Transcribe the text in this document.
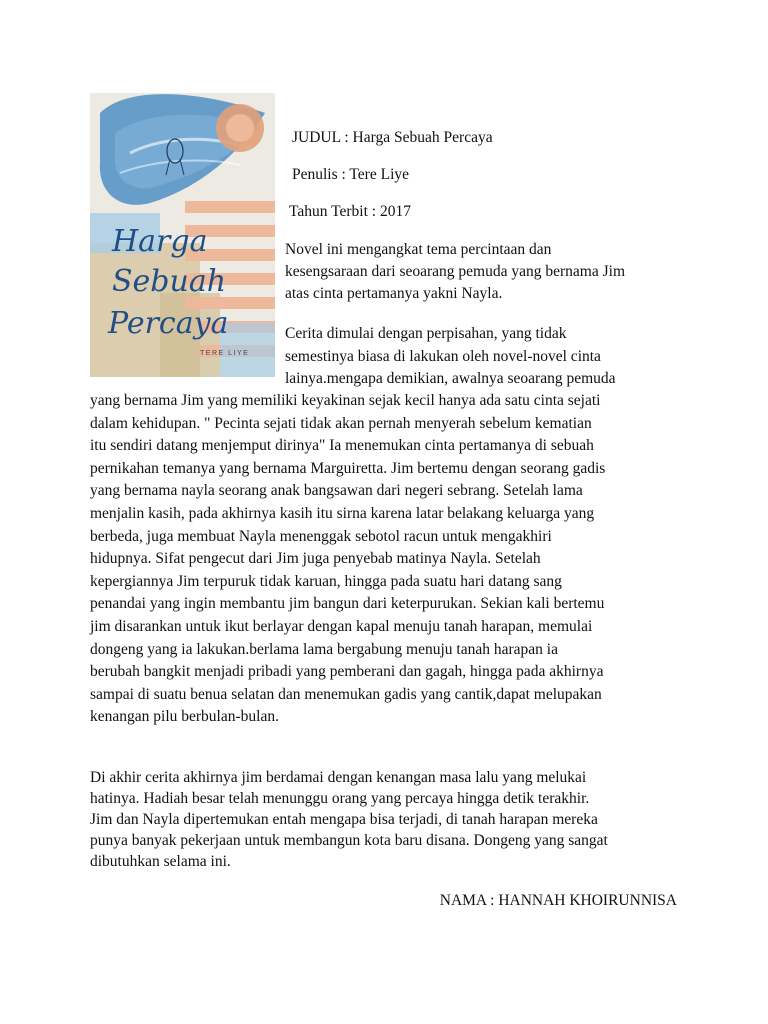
Harga
Sebuah
Percaya
TERE LIYE
JUDUL : Harga Sebuah Percaya
Penulis : Tere Liye
Tahun Terbit : 2017
Novel ini mengangkat tema percintaan dan
kesengsaraan dari seoarang pemuda yang bernama Jim
atas cinta pertamanya yakni Nayla.
Cerita dimulai dengan perpisahan, yang tidak
semestinya biasa di lakukan oleh novel-novel cinta
lainya.mengapa demikian, awalnya seoarang pemuda
yang bernama Jim yang memiliki keyakinan sejak kecil hanya ada satu cinta sejati
dalam kehidupan. " Pecinta sejati tidak akan pernah menyerah sebelum kematian
itu sendiri datang menjemput dirinya" Ia menemukan cinta pertamanya di sebuah
pernikahan temanya yang bernama Marguiretta. Jim bertemu dengan seorang gadis
yang bernama nayla seorang anak bangsawan dari negeri sebrang. Setelah lama
menjalin kasih, pada akhirnya kasih itu sirna karena latar belakang keluarga yang
berbeda, juga membuat Nayla menenggak sebotol racun untuk mengakhiri
hidupnya. Sifat pengecut dari Jim juga penyebab matinya Nayla. Setelah
kepergiannya Jim terpuruk tidak karuan, hingga pada suatu hari datang sang
penandai yang ingin membantu jim bangun dari keterpurukan. Sekian kali bertemu
jim disarankan untuk ikut berlayar dengan kapal menuju tanah harapan, memulai
dongeng yang ia lakukan.berlama lama bergabung menuju tanah harapan ia
berubah bangkit menjadi pribadi yang pemberani dan gagah, hingga pada akhirnya
sampai di suatu benua selatan dan menemukan gadis yang cantik,dapat melupakan
kenangan pilu berbulan-bulan.
Di akhir cerita akhirnya jim berdamai dengan kenangan masa lalu yang melukai
hatinya. Hadiah besar telah menunggu orang yang percaya hingga detik terakhir.
Jim dan Nayla dipertemukan entah mengapa bisa terjadi, di tanah harapan mereka
punya banyak pekerjaan untuk membangun kota baru disana. Dongeng yang sangat
dibutuhkan selama ini.
NAMA : HANNAH KHOIRUNNISA
